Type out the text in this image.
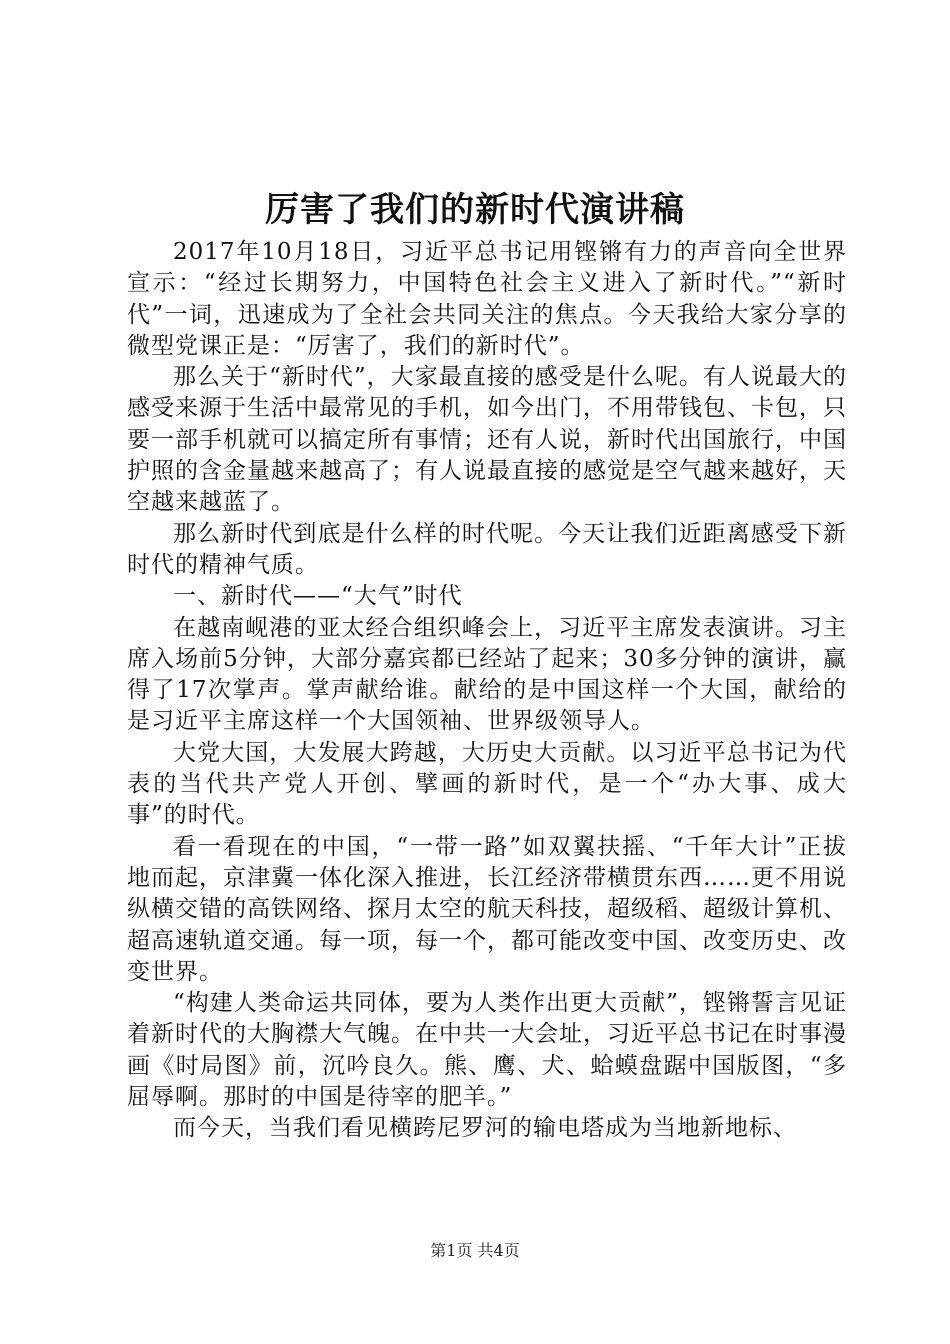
厉害了我们的新时代演讲稿

2017年10月18日，习近平总书记用铿锵有力的声音向全世界宣示：“经过长期努力，中国特色社会主义进入了新时代。”“新时代”一词，迅速成为了全社会共同关注的焦点。今天我给大家分享的微型党课正是：“厉害了，我们的新时代”。

那么关于“新时代”，大家最直接的感受是什么呢。有人说最大的感受来源于生活中最常见的手机，如今出门，不用带钱包、卡包，只要一部手机就可以搞定所有事情；还有人说，新时代出国旅行，中国护照的含金量越来越高了；有人说最直接的感觉是空气越来越好，天空越来越蓝了。

那么新时代到底是什么样的时代呢。今天让我们近距离感受下新时代的精神气质。

一、新时代——“大气”时代

在越南岘港的亚太经合组织峰会上，习近平主席发表演讲。习主席入场前5分钟，大部分嘉宾都已经站了起来；30多分钟的演讲，赢得了17次掌声。掌声献给谁。献给的是中国这样一个大国，献给的是习近平主席这样一个大国领袖、世界级领导人。

大党大国，大发展大跨越，大历史大贡献。以习近平总书记为代表的当代共产党人开创、擘画的新时代，是一个“办大事、成大事”的时代。

看一看现在的中国，“一带一路”如双翼扶摇、“千年大计”正拔地而起，京津冀一体化深入推进，长江经济带横贯东西……更不用说纵横交错的高铁网络、探月太空的航天科技，超级稻、超级计算机、超高速轨道交通。每一项，每一个，都可能改变中国、改变历史、改变世界。

“构建人类命运共同体，要为人类作出更大贡献”，铿锵誓言见证着新时代的大胸襟大气魄。在中共一大会址，习近平总书记在时事漫画《时局图》前，沉吟良久。熊、鹰、犬、蛤蟆盘踞中国版图，“多屈辱啊。那时的中国是待宰的肥羊。”

而今天，当我们看见横跨尼罗河的输电塔成为当地新地标、

第1页 共4页
